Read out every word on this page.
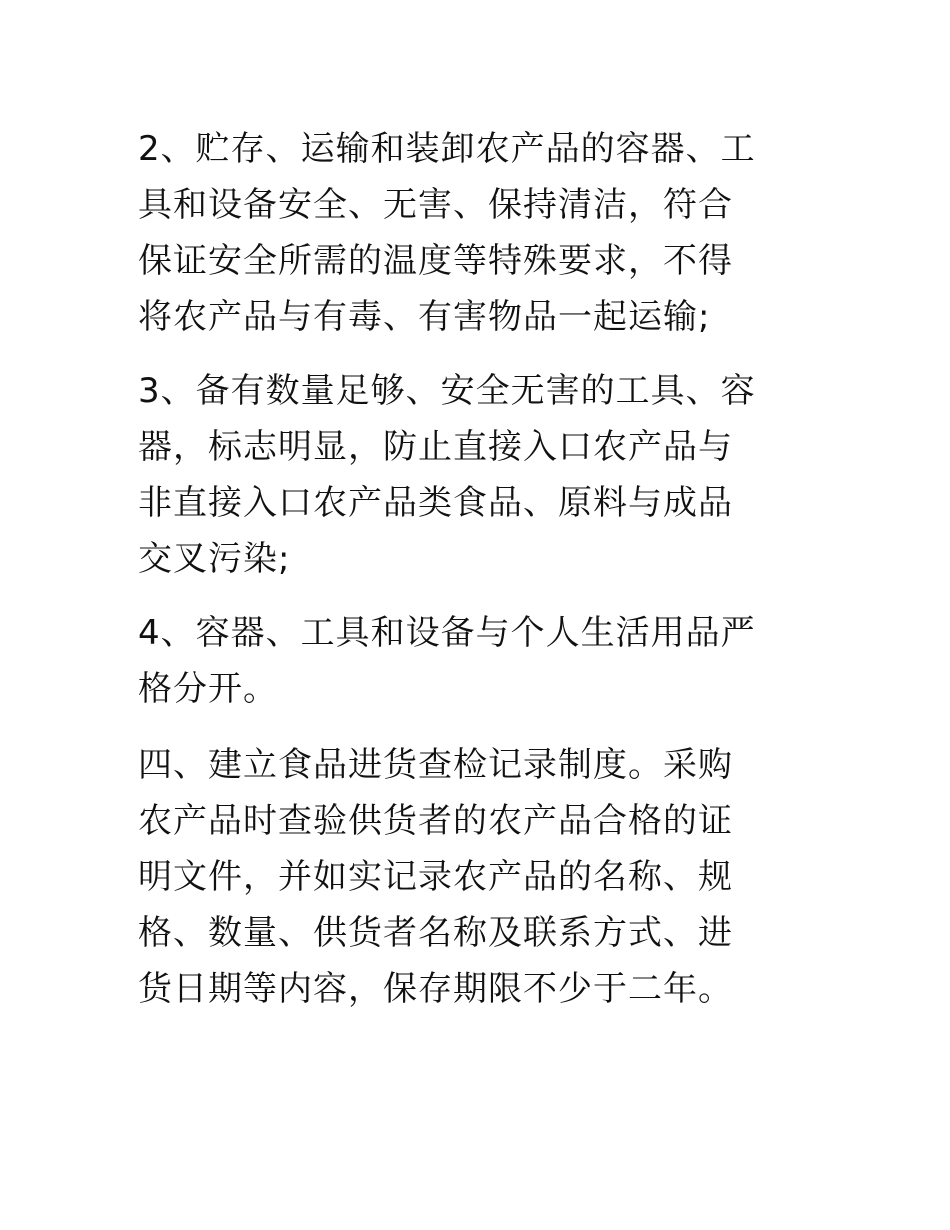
2、贮存、运输和装卸农产品的容器、工
具和设备安全、无害、保持清洁，符合
保证安全所需的温度等特殊要求，不得
将农产品与有毒、有害物品一起运输;
3、备有数量足够、安全无害的工具、容
器，标志明显，防止直接入口农产品与
非直接入口农产品类食品、原料与成品
交叉污染;
4、容器、工具和设备与个人生活用品严
格分开。
四、建立食品进货查检记录制度。采购
农产品时查验供货者的农产品合格的证
明文件，并如实记录农产品的名称、规
格、数量、供货者名称及联系方式、进
货日期等内容，保存期限不少于二年。
